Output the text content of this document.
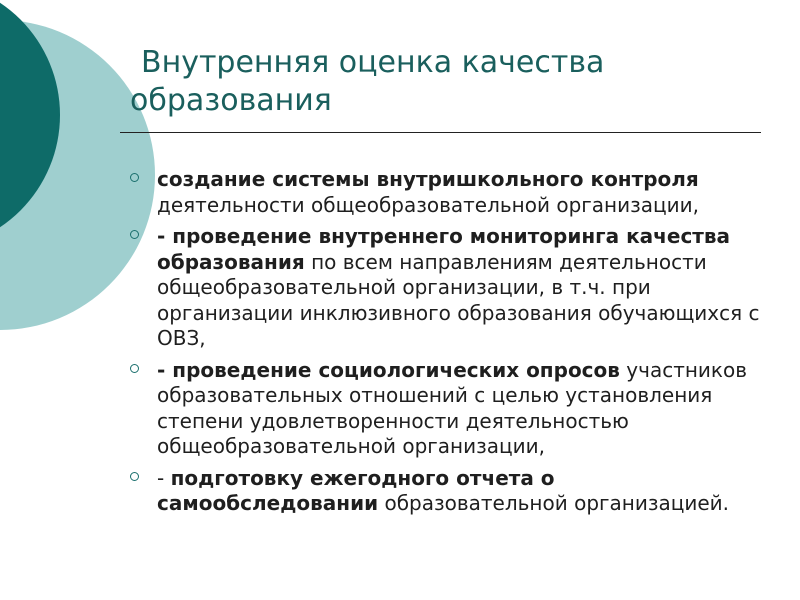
Внутренняя оценка качества
образования
создание системы внутришкольного контроля деятельности общеобразовательной организации,
- проведение внутреннего мониторинга качества образования по всем направлениям деятельности общеобразовательной организации, в т.ч. при организации инклюзивного образования обучающихся с ОВЗ,
- проведение социологических опросов участников образовательных отношений с целью установления степени удовлетворенности деятельностью общеобразовательной организации,
- подготовку ежегодного отчета о самообследовании образовательной организацией.
